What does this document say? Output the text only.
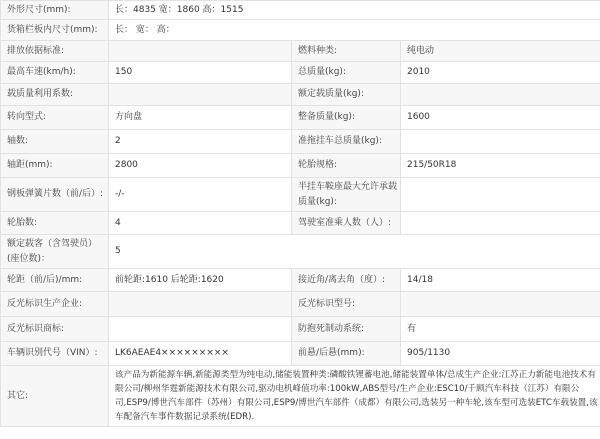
外形尺寸(mm):	长：4835 宽：1860 高：1515		
货箱栏板内尺寸(mm):	长： 宽： 高：		
排放依据标准:		燃料种类:	纯电动
最高车速(km/h):	150	总质量(kg):	2010
载质量利用系数:		额定载质量(kg):	
转向型式:	方向盘	整备质量(kg):	1600
轴数:	2	准拖挂车总质量(kg):	
轴距(mm):	2800	轮胎规格:	215/50R18
钢板弹簧片数（前/后）:	-/-	半挂车鞍座最大允许承载质量(kg):	
轮胎数:	4	驾驶室准乘人数（人）:	
额定载客（含驾驶员）(座位数)：	5		
轮距（前/后)/mm:	前轮距:1610 后轮距:1620	接近角/离去角（度）:	14/18
反光标识生产企业:		反光标识型号:	
反光标识商标:		防抱死制动系统:	有
车辆识别代号（VIN）:	LK6AEAE4×××××××××	前悬/后悬(mm):	905/1130
其它:	该产品为新能源车辆,新能源类型为纯电动,储能装置种类:磷酸铁锂蓄电池,储能装置单体/总成生产企业:江苏正力新能电池技术有限公司/柳州华霆新能源技术有限公司,驱动电机峰值功率:100kW,ABS型号/生产企业:ESC10/千顾汽车科技（江苏）有限公司,ESP9/博世汽车部件（苏州）有限公司,ESP9/博世汽车部件（成都）有限公司,选装另一种车轮,该车型可选装ETC车载装置,该车配备汽车事件数据记录系统(EDR).		
